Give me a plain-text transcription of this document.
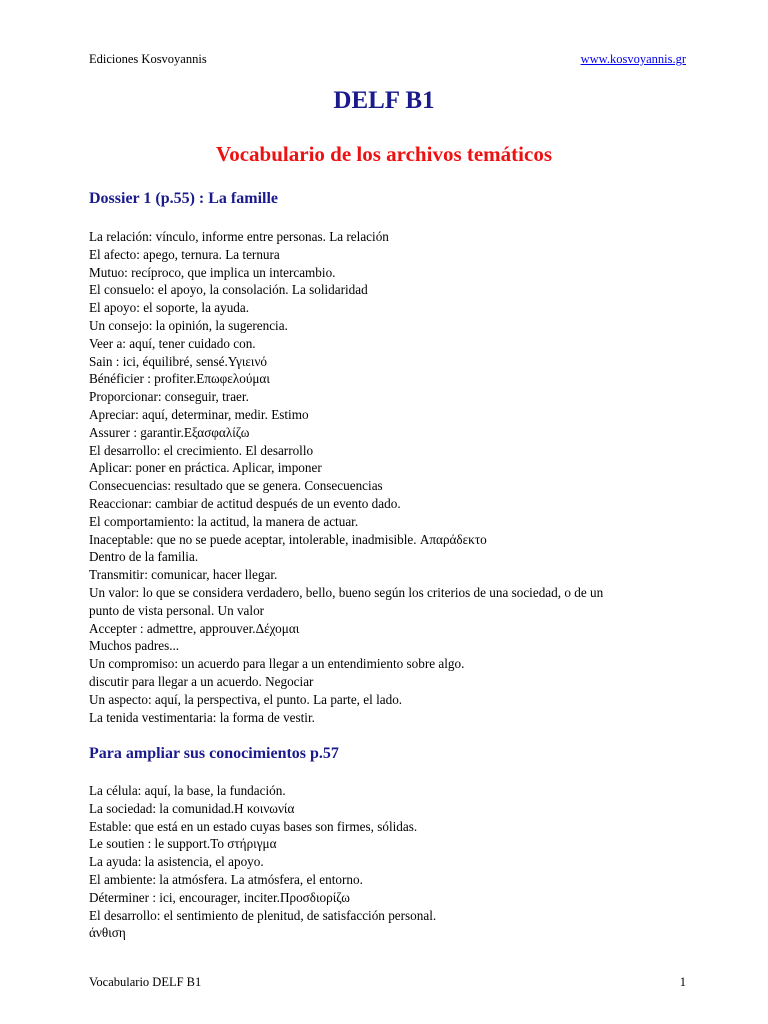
Ediciones Kosvoyannis	www.kosvoyannis.gr
DELF B1
Vocabulario de los archivos temáticos
Dossier 1 (p.55) : La famille
La relación: vínculo, informe entre personas. La relación
El afecto: apego, ternura. La ternura
Mutuo: recíproco, que implica un intercambio.
El consuelo: el apoyo, la consolación. La solidaridad
El apoyo: el soporte, la ayuda.
Un consejo: la opinión, la sugerencia.
Veer a: aquí, tener cuidado con.
Sain : ici, équilibré, sensé.Υγιεινό
Bénéficier : profiter.Επωφελούμαι
Proporcionar: conseguir, traer.
Apreciar: aquí, determinar, medir. Estimo
Assurer : garantir.Εξασφαλίζω
El desarrollo: el crecimiento. El desarrollo
Aplicar: poner en práctica. Aplicar, imponer
Consecuencias: resultado que se genera. Consecuencias
Reaccionar: cambiar de actitud después de un evento dado.
El comportamiento: la actitud, la manera de actuar.
Inaceptable: que no se puede aceptar, intolerable, inadmisible. Απαράδεκτο
Dentro de la familia.
Transmitir: comunicar, hacer llegar.
Un valor: lo que se considera verdadero, bello, bueno según los criterios de una sociedad, o de un
punto de vista personal. Un valor
Accepter : admettre, approuver.Δέχομαι
Muchos padres...
Un compromiso: un acuerdo para llegar a un entendimiento sobre algo.
discutir para llegar a un acuerdo. Negociar
Un aspecto: aquí, la perspectiva, el punto. La parte, el lado.
La tenida vestimentaria: la forma de vestir.
Para ampliar sus conocimientos p.57
La célula: aquí, la base, la fundación.
La sociedad: la comunidad.Η κοινωνία
Estable: que está en un estado cuyas bases son firmes, sólidas.
Le soutien : le support.Το στήριγμα
La ayuda: la asistencia, el apoyo.
El ambiente: la atmósfera. La atmósfera, el entorno.
Déterminer : ici, encourager, inciter.Προσδιορίζω
El desarrollo: el sentimiento de plenitud, de satisfacción personal.
άνθιση
Vocabulario DELF B1	1
